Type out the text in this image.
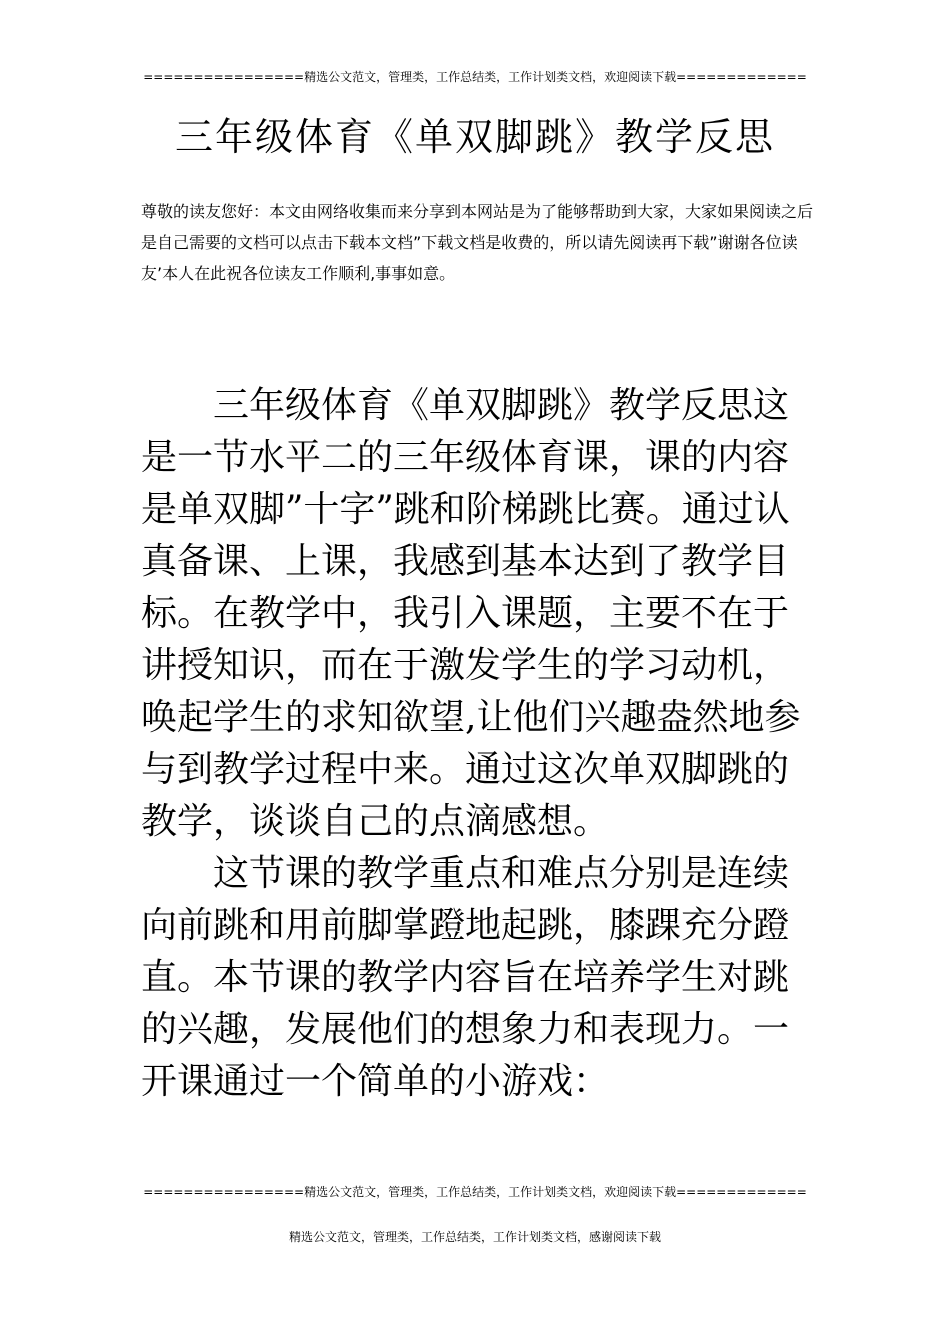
================精选公文范文，管理类，工作总结类，工作计划类文档，欢迎阅读下载=============
三年级体育《单双脚跳》教学反思
尊敬的读友您好：本文由网络收集而来分享到本网站是为了能够帮助到大家，大家如果阅读之后是自己需要的文档可以点击下载本文档”下载文档是收费的，所以请先阅读再下载”谢谢各位读友’本人在此祝各位读友工作顺利,事事如意。

三年级体育《单双脚跳》教学反思这是一节水平二的三年级体育课，课的内容是单双脚”十字”跳和阶梯跳比赛。通过认真备课、上课，我感到基本达到了教学目标。在教学中，我引入课题，主要不在于讲授知识，而在于激发学生的学习动机，唤起学生的求知欲望,让他们兴趣盎然地参与到教学过程中来。通过这次单双脚跳的教学，谈谈自己的点滴感想。

这节课的教学重点和难点分别是连续向前跳和用前脚掌蹬地起跳，膝踝充分蹬直。本节课的教学内容旨在培养学生对跳的兴趣，发展他们的想象力和表现力。一开课通过一个简单的小游戏：

================精选公文范文，管理类，工作总结类，工作计划类文档，欢迎阅读下载=============
精选公文范文，管理类，工作总结类，工作计划类文档，感谢阅读下载
